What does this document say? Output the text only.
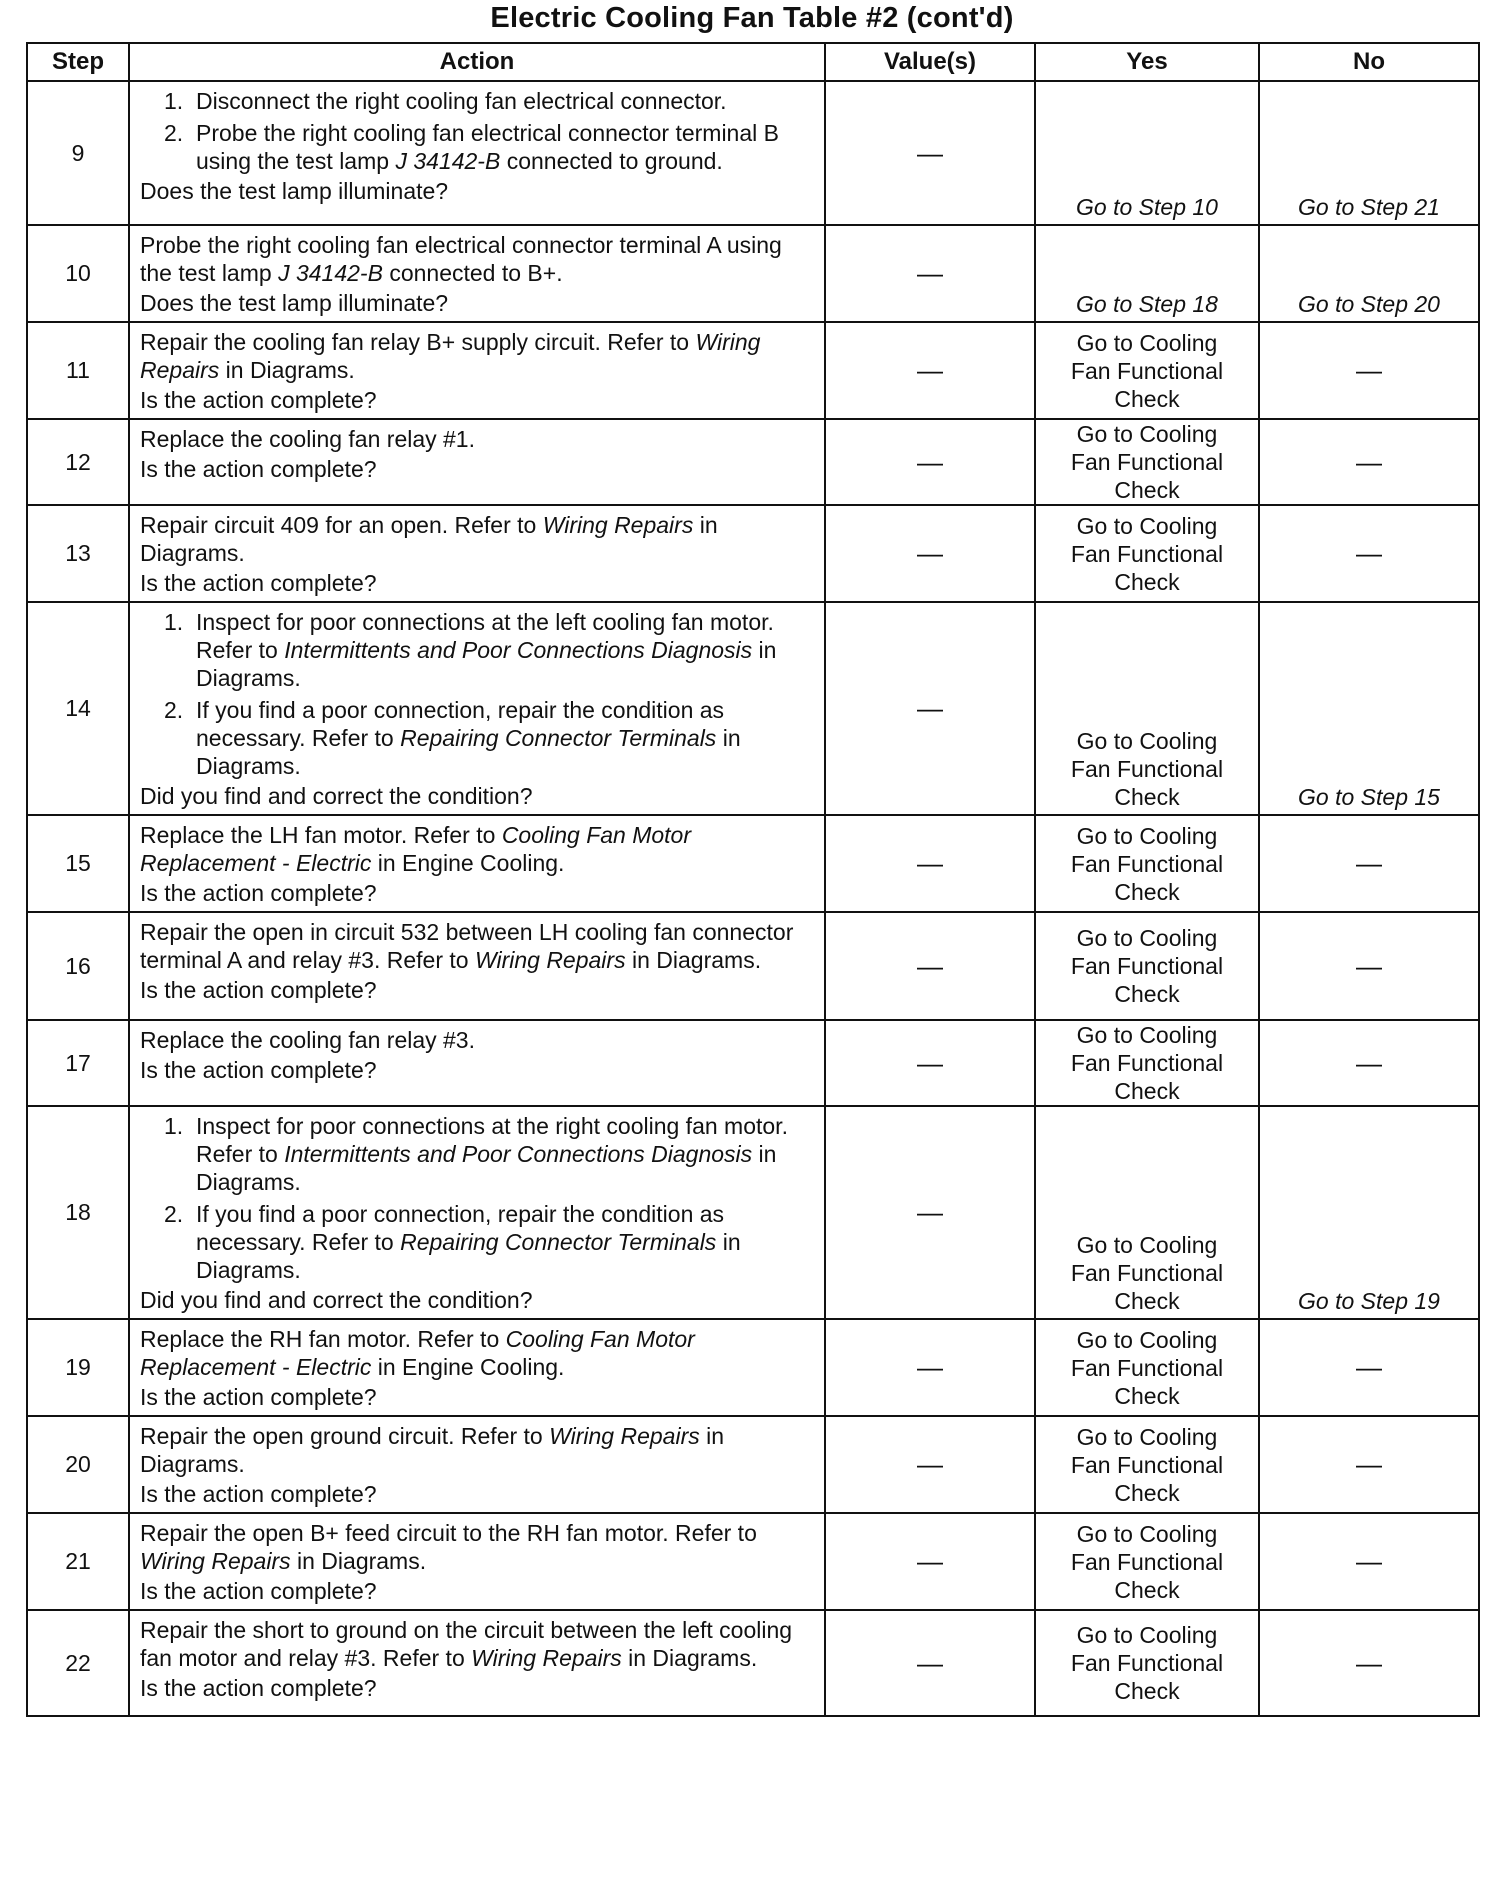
Electric Cooling Fan Table #2 (cont'd)
Step	Action	Value(s)	Yes	No
9	1. Disconnect the right cooling fan electrical connector.
2. Probe the right cooling fan electrical connector terminal B using the test lamp J 34142-B connected to ground.
Does the test lamp illuminate?	—	Go to Step 10	Go to Step 21
10	Probe the right cooling fan electrical connector terminal A using the test lamp J 34142-B connected to B+.
Does the test lamp illuminate?	—	Go to Step 18	Go to Step 20
11	Repair the cooling fan relay B+ supply circuit. Refer to Wiring Repairs in Diagrams.
Is the action complete?	—	Go to Cooling Fan Functional Check	—
12	Replace the cooling fan relay #1.
Is the action complete?	—	Go to Cooling Fan Functional Check	—
13	Repair circuit 409 for an open. Refer to Wiring Repairs in Diagrams.
Is the action complete?	—	Go to Cooling Fan Functional Check	—
14	1. Inspect for poor connections at the left cooling fan motor. Refer to Intermittents and Poor Connections Diagnosis in Diagrams.
2. If you find a poor connection, repair the condition as necessary. Refer to Repairing Connector Terminals in Diagrams.
Did you find and correct the condition?	—	Go to Cooling Fan Functional Check	Go to Step 15
15	Replace the LH fan motor. Refer to Cooling Fan Motor Replacement - Electric in Engine Cooling.
Is the action complete?	—	Go to Cooling Fan Functional Check	—
16	Repair the open in circuit 532 between LH cooling fan connector terminal A and relay #3. Refer to Wiring Repairs in Diagrams.
Is the action complete?	—	Go to Cooling Fan Functional Check	—
17	Replace the cooling fan relay #3.
Is the action complete?	—	Go to Cooling Fan Functional Check	—
18	1. Inspect for poor connections at the right cooling fan motor. Refer to Intermittents and Poor Connections Diagnosis in Diagrams.
2. If you find a poor connection, repair the condition as necessary. Refer to Repairing Connector Terminals in Diagrams.
Did you find and correct the condition?	—	Go to Cooling Fan Functional Check	Go to Step 19
19	Replace the RH fan motor. Refer to Cooling Fan Motor Replacement - Electric in Engine Cooling.
Is the action complete?	—	Go to Cooling Fan Functional Check	—
20	Repair the open ground circuit. Refer to Wiring Repairs in Diagrams.
Is the action complete?	—	Go to Cooling Fan Functional Check	—
21	Repair the open B+ feed circuit to the RH fan motor. Refer to Wiring Repairs in Diagrams.
Is the action complete?	—	Go to Cooling Fan Functional Check	—
22	Repair the short to ground on the circuit between the left cooling fan motor and relay #3. Refer to Wiring Repairs in Diagrams.
Is the action complete?	—	Go to Cooling Fan Functional Check	—
